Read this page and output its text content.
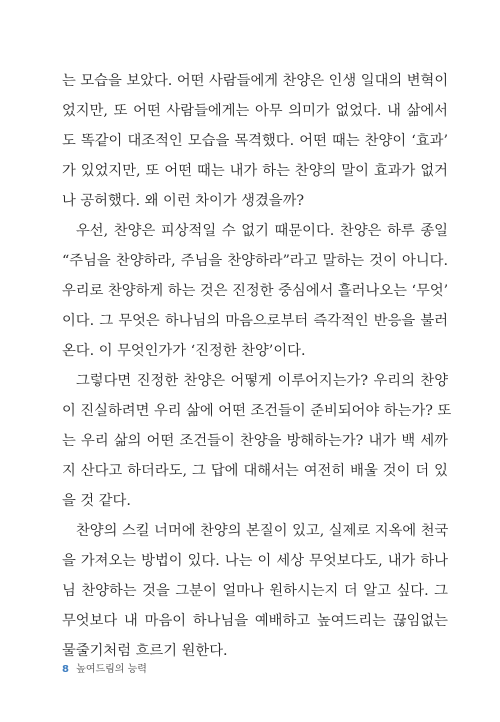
는 모습을 보았다. 어떤 사람들에게 찬양은 인생 일대의 변혁이
었지만, 또 어떤 사람들에게는 아무 의미가 없었다. 내 삶에서
도 똑같이 대조적인 모습을 목격했다. 어떤 때는 찬양이 ‘효과’
가 있었지만, 또 어떤 때는 내가 하는 찬양의 말이 효과가 없거
나 공허했다. 왜 이런 차이가 생겼을까?
우선, 찬양은 피상적일 수 없기 때문이다. 찬양은 하루 종일
“주님을 찬양하라, 주님을 찬양하라”라고 말하는 것이 아니다.
우리로 찬양하게 하는 것은 진정한 중심에서 흘러나오는 ‘무엇’
이다. 그 무엇은 하나님의 마음으로부터 즉각적인 반응을 불러
온다. 이 무엇인가가 ‘진정한 찬양’이다.
그렇다면 진정한 찬양은 어떻게 이루어지는가? 우리의 찬양
이 진실하려면 우리 삶에 어떤 조건들이 준비되어야 하는가? 또
는 우리 삶의 어떤 조건들이 찬양을 방해하는가? 내가 백 세까
지 산다고 하더라도, 그 답에 대해서는 여전히 배울 것이 더 있
을 것 같다.
찬양의 스킬 너머에 찬양의 본질이 있고, 실제로 지옥에 천국
을 가져오는 방법이 있다. 나는 이 세상 무엇보다도, 내가 하나
님 찬양하는 것을 그분이 얼마나 원하시는지 더 알고 싶다. 그
무엇보다 내 마음이 하나님을 예배하고 높여드리는 끊임없는
물줄기처럼 흐르기 원한다.
8 높여드림의 능력
